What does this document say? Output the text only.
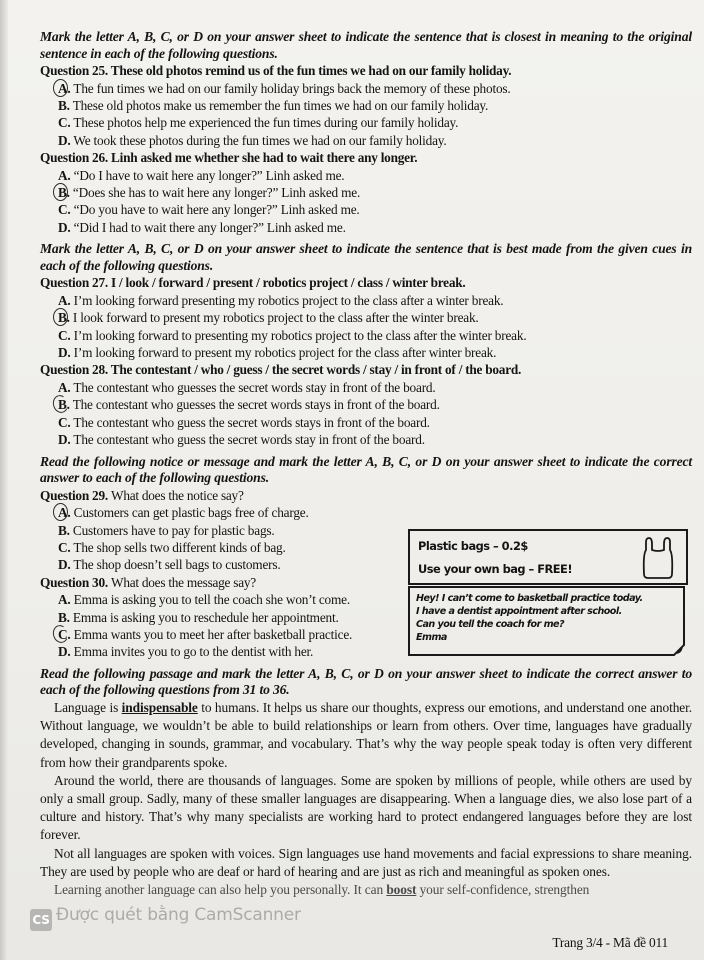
Mark the letter A, B, C, or D on your answer sheet to indicate the sentence that is closest in meaning to the original sentence in each of the following questions.
Question 25. These old photos remind us of the fun times we had on our family holiday.
A. The fun times we had on our family holiday brings back the memory of these photos.
B. These old photos make us remember the fun times we had on our family holiday.
C. These photos help me experienced the fun times during our family holiday.
D. We took these photos during the fun times we had on our family holiday.
Question 26. Linh asked me whether she had to wait there any longer.
A. “Do I have to wait here any longer?” Linh asked me.
B. “Does she has to wait here any longer?” Linh asked me.
C. “Do you have to wait here any longer?” Linh asked me.
D. “Did I had to wait there any longer?” Linh asked me.
Mark the letter A, B, C, or D on your answer sheet to indicate the sentence that is best made from the given cues in each of the following questions.
Question 27. I / look / forward / present / robotics project / class / winter break.
A. I’m looking forward presenting my robotics project to the class after a winter break.
B. I look forward to present my robotics project to the class after the winter break.
C. I’m looking forward to presenting my robotics project to the class after the winter break.
D. I’m looking forward to present my robotics project for the class after winter break.
Question 28. The contestant / who / guess / the secret words / stay / in front of / the board.
A. The contestant who guesses the secret words stay in front of the board.
B. The contestant who guesses the secret words stays in front of the board.
C. The contestant who guess the secret words stays in front of the board.
D. The contestant who guess the secret words stay in front of the board.
Read the following notice or message and mark the letter A, B, C, or D on your answer sheet to indicate the correct answer to each of the following questions.
Question 29. What does the notice say?
A. Customers can get plastic bags free of charge.
B. Customers have to pay for plastic bags.
C. The shop sells two different kinds of bag.
D. The shop doesn’t sell bags to customers.
Plastic bags – 0.2$
Use your own bag – FREE!
Question 30. What does the message say?
A. Emma is asking you to tell the coach she won’t come.
B. Emma is asking you to reschedule her appointment.
C. Emma wants you to meet her after basketball practice.
D. Emma invites you to go to the dentist with her.
Hey! I can’t come to basketball practice today.
I have a dentist appointment after school.
Can you tell the coach for me?
Emma
Read the following passage and mark the letter A, B, C, or D on your answer sheet to indicate the correct answer to each of the following questions from 31 to 36.

Language is indispensable to humans. It helps us share our thoughts, express our emotions, and understand one another. Without language, we wouldn’t be able to build relationships or learn from others. Over time, languages have gradually developed, changing in sounds, grammar, and vocabulary. That’s why the way people speak today is often very different from how their grandparents spoke.

Around the world, there are thousands of languages. Some are spoken by millions of people, while others are used by only a small group. Sadly, many of these smaller languages are disappearing. When a language dies, we also lose part of a culture and history. That’s why many specialists are working hard to protect endangered languages before they are lost forever.

Not all languages are spoken with voices. Sign languages use hand movements and facial expressions to share meaning. They are used by people who are deaf or hard of hearing and are just as rich and meaningful as spoken ones.

Learning another language can also help you personally. It can boost your self-confidence, strengthen

CS Được quét bằng CamScanner
Trang 3/4 - Mã đề 011
